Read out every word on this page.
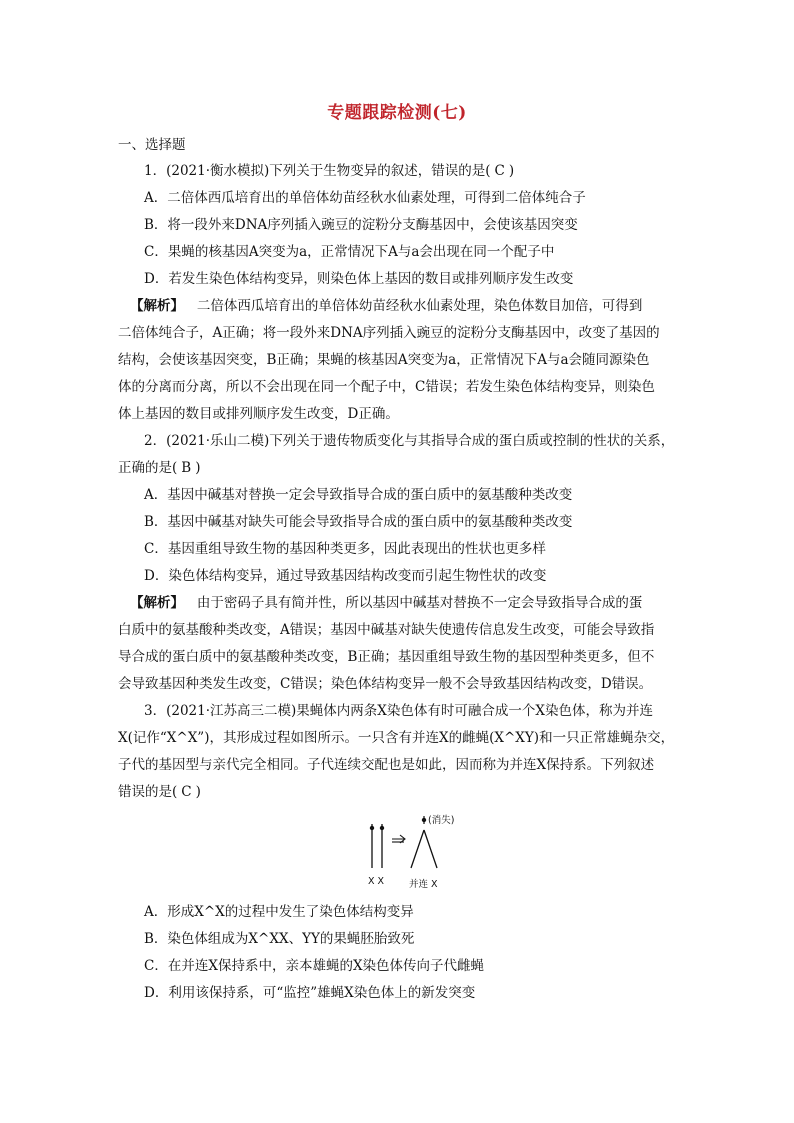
专题跟踪检测(七)
一、选择题
1．(2021·衡水模拟)下列关于生物变异的叙述，错误的是( C )
A．二倍体西瓜培育出的单倍体幼苗经秋水仙素处理，可得到二倍体纯合子
B．将一段外来DNA序列插入豌豆的淀粉分支酶基因中，会使该基因突变
C．果蝇的核基因A突变为a，正常情况下A与a会出现在同一个配子中
D．若发生染色体结构变异，则染色体上基因的数目或排列顺序发生改变
【解析】 二倍体西瓜培育出的单倍体幼苗经秋水仙素处理，染色体数目加倍，可得到
二倍体纯合子，A正确；将一段外来DNA序列插入豌豆的淀粉分支酶基因中，改变了基因的
结构，会使该基因突变，B正确；果蝇的核基因A突变为a，正常情况下A与a会随同源染色
体的分离而分离，所以不会出现在同一个配子中，C错误；若发生染色体结构变异，则染色
体上基因的数目或排列顺序发生改变，D正确。
2．(2021·乐山二模)下列关于遗传物质变化与其指导合成的蛋白质或控制的性状的关系，
正确的是( B )
A．基因中碱基对替换一定会导致指导合成的蛋白质中的氨基酸种类改变
B．基因中碱基对缺失可能会导致指导合成的蛋白质中的氨基酸种类改变
C．基因重组导致生物的基因种类更多，因此表现出的性状也更多样
D．染色体结构变异，通过导致基因结构改变而引起生物性状的改变
【解析】 由于密码子具有简并性，所以基因中碱基对替换不一定会导致指导合成的蛋
白质中的氨基酸种类改变，A错误；基因中碱基对缺失使遗传信息发生改变，可能会导致指
导合成的蛋白质中的氨基酸种类改变，B正确；基因重组导致生物的基因型种类更多，但不
会导致基因种类发生改变，C错误；染色体结构变异一般不会导致基因结构改变，D错误。
3．(2021·江苏高三二模)果蝇体内两条X染色体有时可融合成一个X染色体，称为并连
X(记作“X^X”)，其形成过程如图所示。一只含有并连X的雌蝇(X^XY)和一只正常雄蝇杂交，
子代的基因型与亲代完全相同。子代连续交配也是如此，因而称为并连X保持系。下列叙述
错误的是( C )
(消失)
X X	并连 X
A．形成X^X的过程中发生了染色体结构变异
B．染色体组成为X^XX、YY的果蝇胚胎致死
C．在并连X保持系中，亲本雄蝇的X染色体传向子代雌蝇
D．利用该保持系，可“监控”雄蝇X染色体上的新发突变
